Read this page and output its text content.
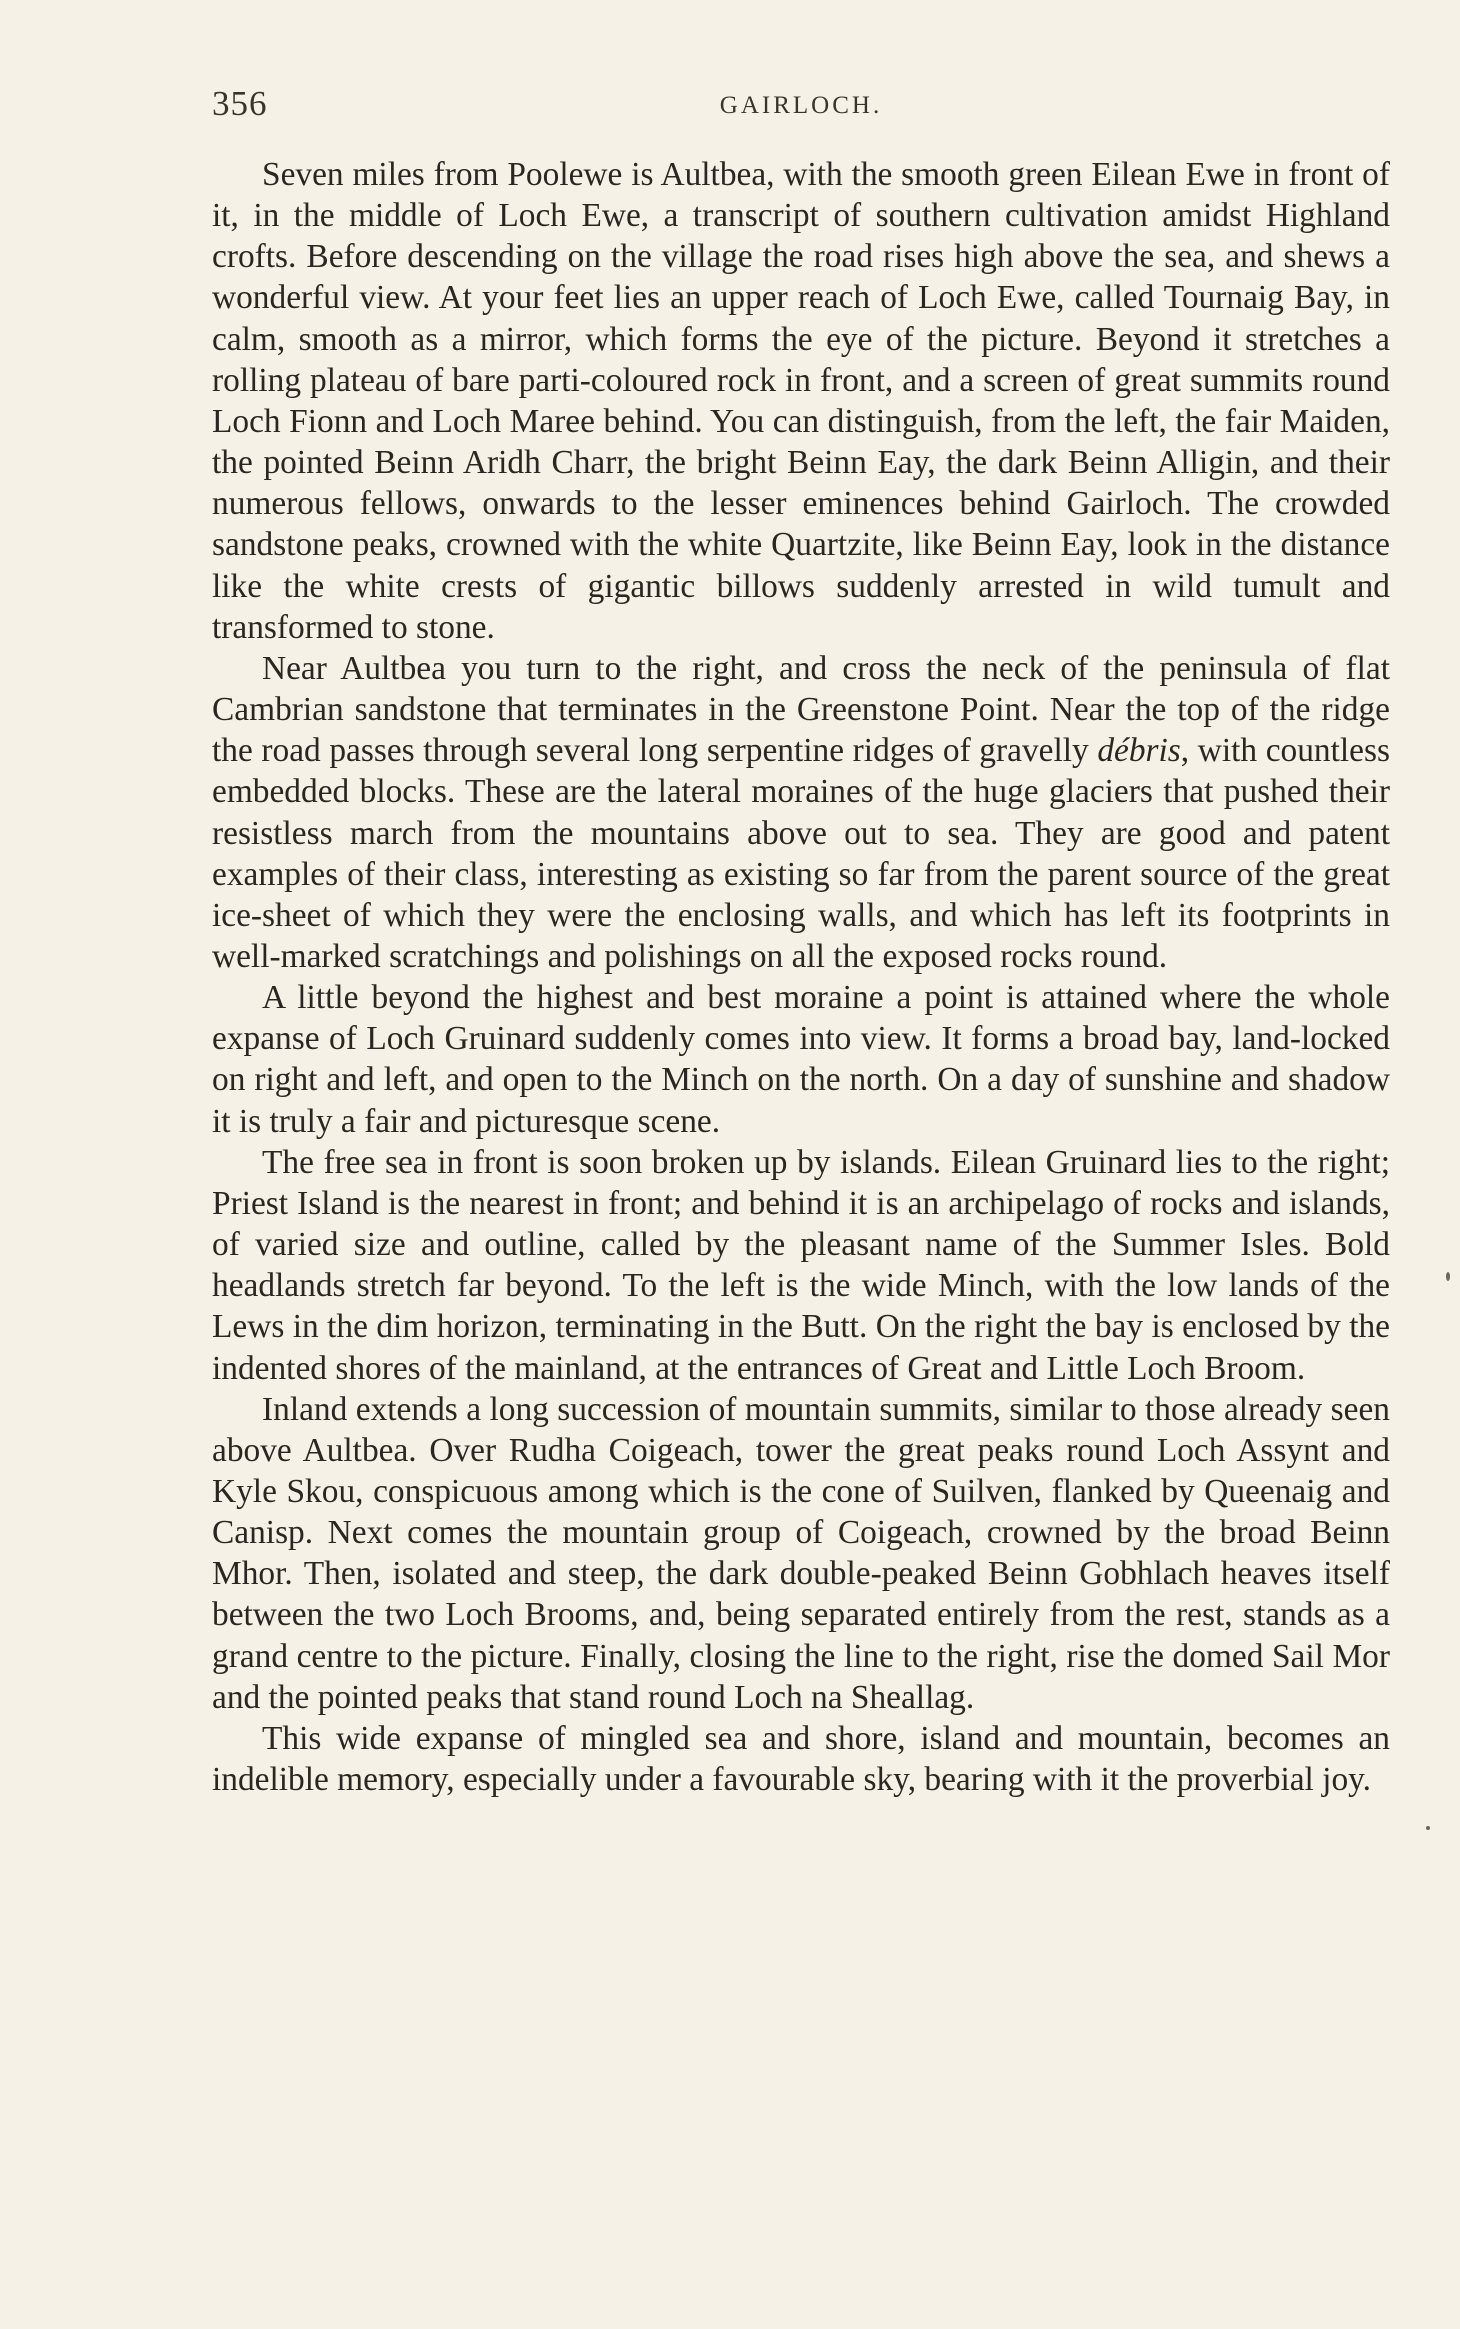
356	GAIRLOCH.

Seven miles from Poolewe is Aultbea, with the smooth green Eilean Ewe in front of it, in the middle of Loch Ewe, a transcript of southern cultivation amidst Highland crofts. Before descending on the village the road rises high above the sea, and shews a wonderful view. At your feet lies an upper reach of Loch Ewe, called Tournaig Bay, in calm, smooth as a mirror, which forms the eye of the picture. Beyond it stretches a rolling plateau of bare parti-coloured rock in front, and a screen of great summits round Loch Fionn and Loch Maree behind. You can distinguish, from the left, the fair Maiden, the pointed Beinn Aridh Charr, the bright Beinn Eay, the dark Beinn Alligin, and their numerous fellows, onwards to the lesser eminences behind Gairloch. The crowded sandstone peaks, crowned with the white Quartzite, like Beinn Eay, look in the distance like the white crests of gigantic billows suddenly arrested in wild tumult and transformed to stone.

Near Aultbea you turn to the right, and cross the neck of the peninsula of flat Cambrian sandstone that terminates in the Greenstone Point. Near the top of the ridge the road passes through several long serpentine ridges of gravelly débris, with countless embedded blocks. These are the lateral moraines of the huge glaciers that pushed their resistless march from the mountains above out to sea. They are good and patent examples of their class, interesting as existing so far from the parent source of the great ice-sheet of which they were the enclosing walls, and which has left its footprints in well-marked scratchings and polishings on all the exposed rocks round.

A little beyond the highest and best moraine a point is attained where the whole expanse of Loch Gruinard suddenly comes into view. It forms a broad bay, land-locked on right and left, and open to the Minch on the north. On a day of sunshine and shadow it is truly a fair and picturesque scene.

The free sea in front is soon broken up by islands. Eilean Gruinard lies to the right; Priest Island is the nearest in front; and behind it is an archipelago of rocks and islands, of varied size and outline, called by the pleasant name of the Summer Isles. Bold headlands stretch far beyond. To the left is the wide Minch, with the low lands of the Lews in the dim horizon, terminating in the Butt. On the right the bay is enclosed by the indented shores of the mainland, at the entrances of Great and Little Loch Broom.

Inland extends a long succession of mountain summits, similar to those already seen above Aultbea. Over Rudha Coigeach, tower the great peaks round Loch Assynt and Kyle Skou, conspicuous among which is the cone of Suilven, flanked by Queenaig and Canisp. Next comes the mountain group of Coigeach, crowned by the broad Beinn Mhor. Then, isolated and steep, the dark double-peaked Beinn Gobhlach heaves itself between the two Loch Brooms, and, being separated entirely from the rest, stands as a grand centre to the picture. Finally, closing the line to the right, rise the domed Sail Mor and the pointed peaks that stand round Loch na Sheallag.

This wide expanse of mingled sea and shore, island and mountain, becomes an indelible memory, especially under a favourable sky, bearing with it the proverbial joy.
